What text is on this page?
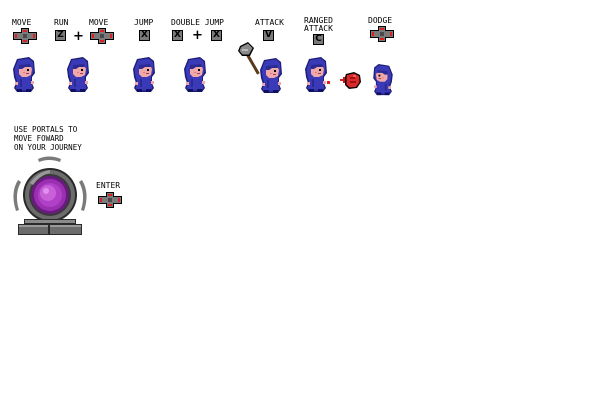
MOVE	RUN	MOVE	JUMP DOUBLE JUMP	ATTACK	RANGED
ATTACK
DODGE
Z +	X	X + X	V	C
USE PORTALS TO
MOVE FOWARD
ON YOUR JOURNEY
ENTER
